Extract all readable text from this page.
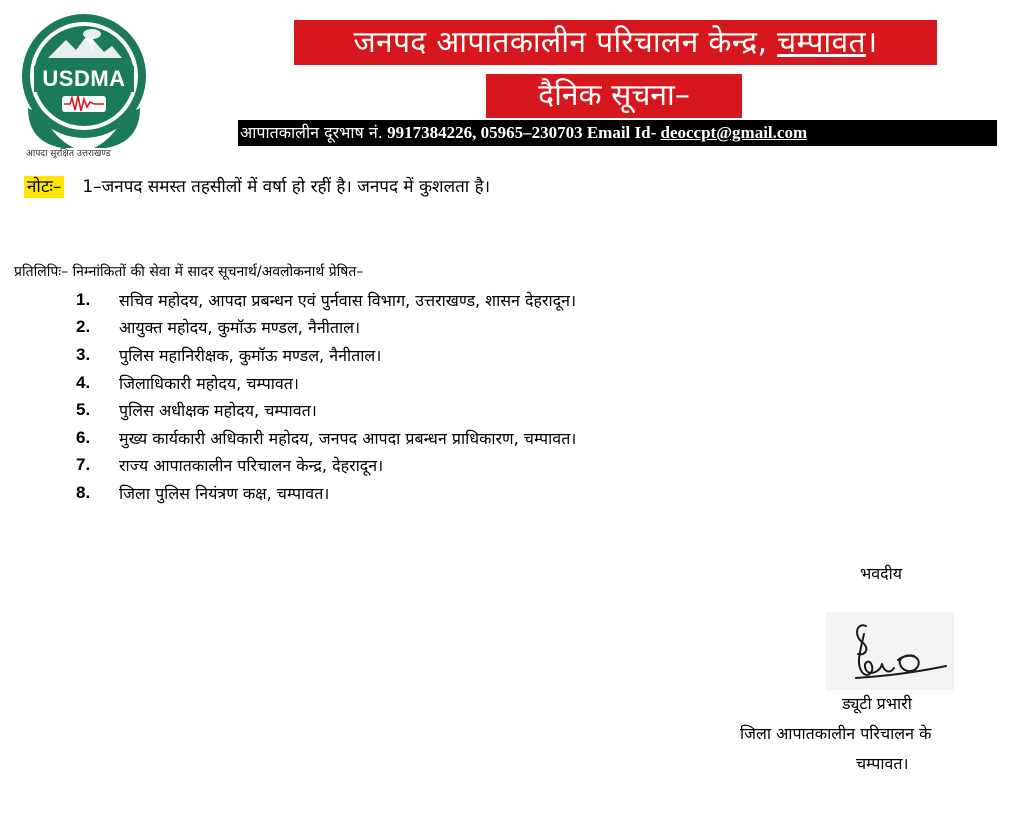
USDMA
आपदा सुरक्षित उत्तराखण्ड
जनपद आपातकालीन परिचालन केन्द्र, चम्पावत।
दैनिक सूचना–
आपातकालीन दूरभाष नं. 9917384226, 05965–230703 Email Id- deoccpt@gmail.com
नोटः– 1–जनपद समस्त तहसीलों में वर्षा हो रहीं है। जनपद में कुशलता है।
प्रतिलिपिः– निम्नांकितों की सेवा में सादर सूचनार्थ/अवलोकनार्थ प्रेषित–
1.	सचिव महोदय, आपदा प्रबन्धन एवं पुर्नवास विभाग, उत्तराखण्ड, शासन देहरादून।
2.	आयुक्त महोदय, कुमॉऊ मण्डल, नैनीताल।
3.	पुलिस महानिरीक्षक, कुमॉऊ मण्डल, नैनीताल।
4.	जिलाधिकारी महोदय, चम्पावत।
5.	पुलिस अधीक्षक महोदय, चम्पावत।
6.	मुख्य कार्यकारी अधिकारी महोदय, जनपद आपदा प्रबन्धन प्राधिकारण, चम्पावत।
7.	राज्य आपातकालीन परिचालन केन्द्र, देहरादून।
8.	जिला पुलिस नियंत्रण कक्ष, चम्पावत।
भवदीय
ड्यूटी प्रभारी
जिला आपातकालीन परिचालन के
चम्पावत।
